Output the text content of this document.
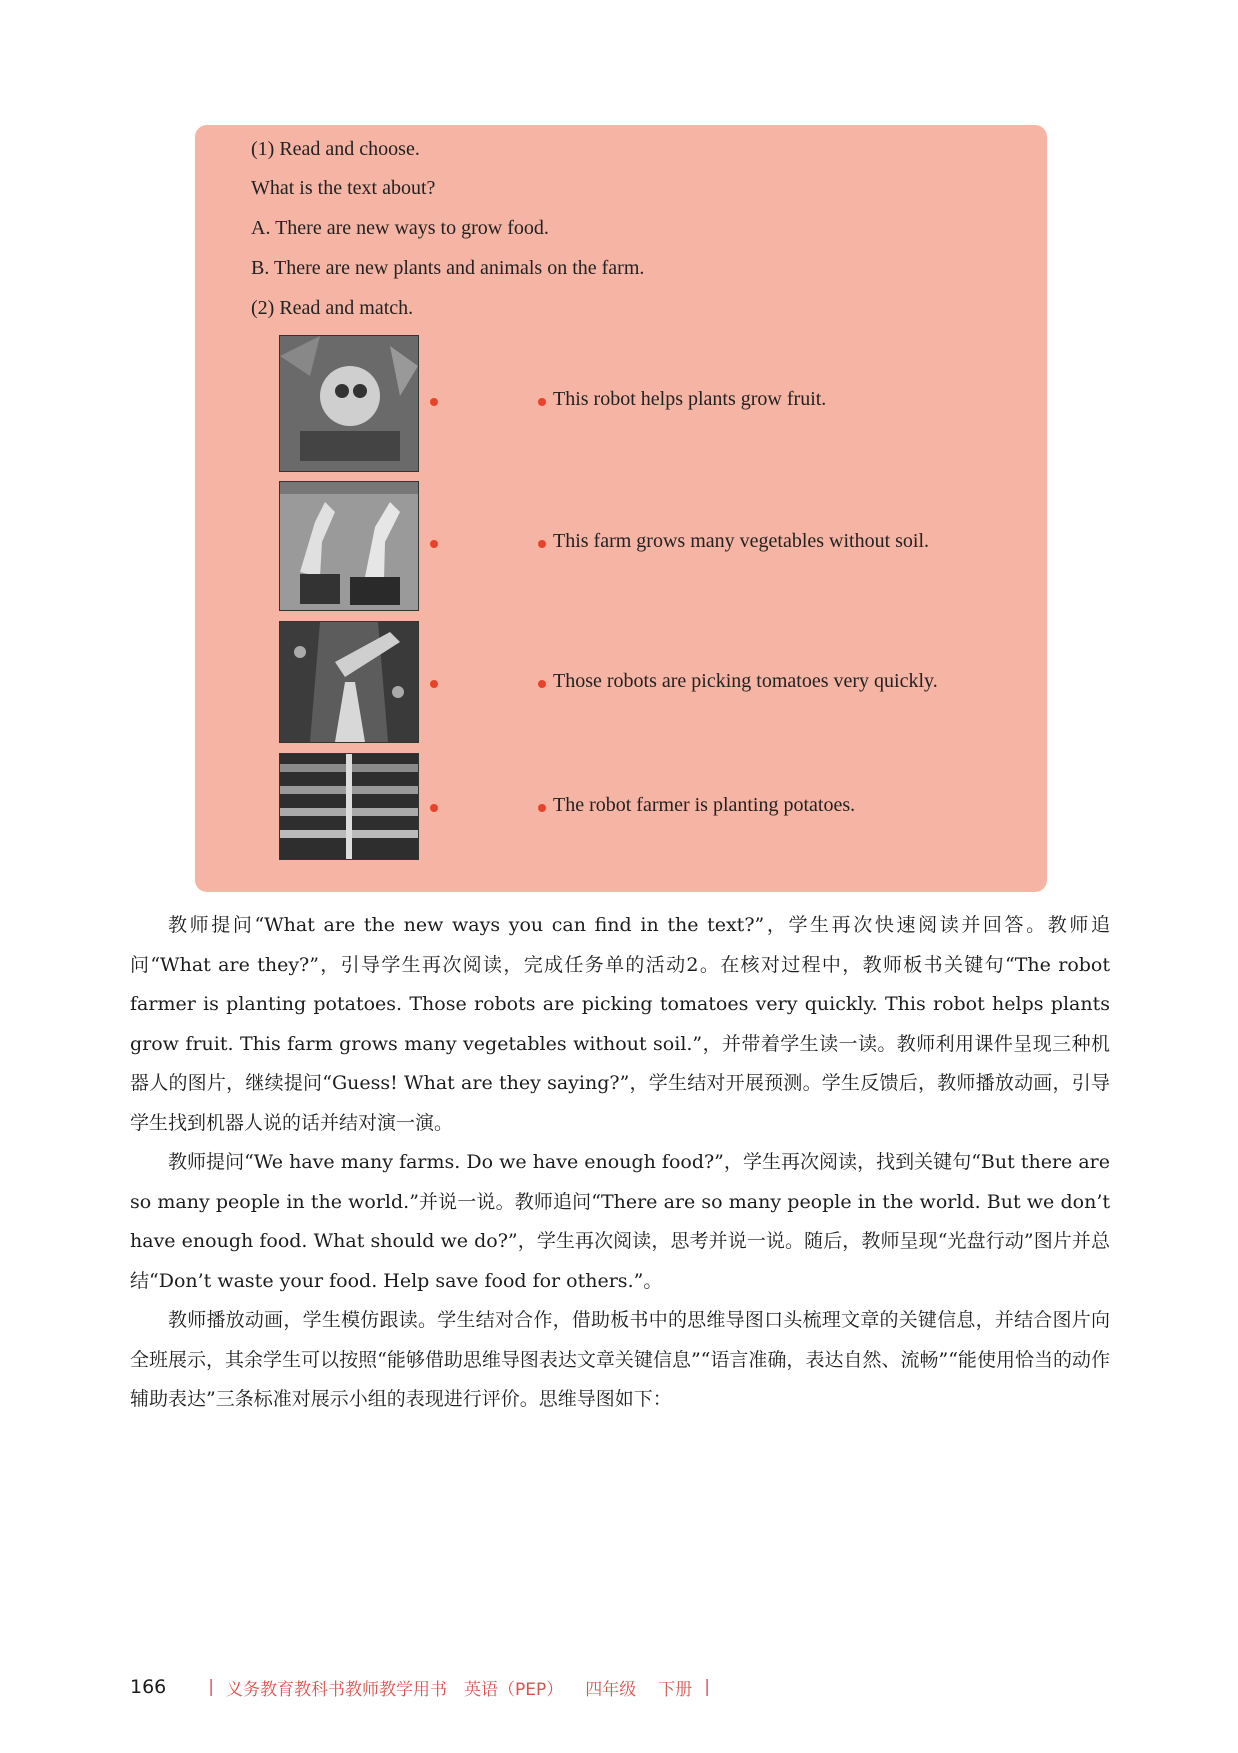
(1) Read and choose.
What is the text about?
A. There are new ways to grow food.
B. There are new plants and animals on the farm.
(2) Read and match.
This robot helps plants grow fruit.
This farm grows many vegetables without soil.
Those robots are picking tomatoes very quickly.
The robot farmer is planting potatoes.

教师提问“What are the new ways you can find in the text?”，学生再次快速阅读并回答。教师追问“What are they?”，引导学生再次阅读，完成任务单的活动2。在核对过程中，教师板书关键句“The robot farmer is planting potatoes. Those robots are picking tomatoes very quickly. This robot helps plants grow fruit. This farm grows many vegetables without soil.”，并带着学生读一读。教师利用课件呈现三种机器人的图片，继续提问“Guess! What are they saying?”，学生结对开展预测。学生反馈后，教师播放动画，引导学生找到机器人说的话并结对演一演。

教师提问“We have many farms. Do we have enough food?”，学生再次阅读，找到关键句“But there are so many people in the world.”并说一说。教师追问“There are so many people in the world. But we don’t have enough food. What should we do?”，学生再次阅读，思考并说一说。随后，教师呈现“光盘行动”图片并总结“Don’t waste your food. Help save food for others.”。

教师播放动画，学生模仿跟读。学生结对合作，借助板书中的思维导图口头梳理文章的关键信息，并结合图片向全班展示，其余学生可以按照“能够借助思维导图表达文章关键信息”“语言准确，表达自然、流畅”“能使用恰当的动作辅助表达”三条标准对展示小组的表现进行评价。思维导图如下：

166 | 义务教育教科书教师教学用书　英语（PEP） 四年级 下册 |
